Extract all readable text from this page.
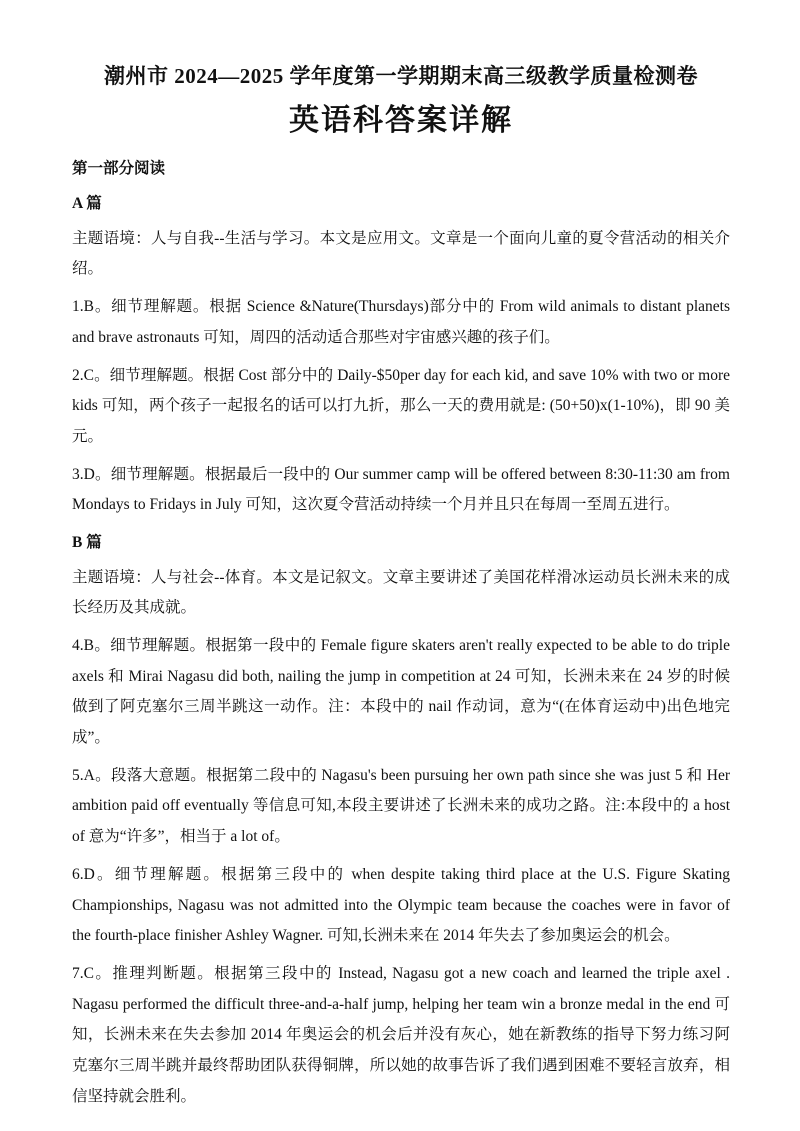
潮州市 2024—2025 学年度第一学期期末高三级教学质量检测卷
英语科答案详解

第一部分阅读

A 篇

主题语境：人与自我--生活与学习。本文是应用文。文章是一个面向儿童的夏令营活动的相关介绍。

1.B。细节理解题。根据 Science &Nature(Thursdays)部分中的 From wild animals to distant planets and brave astronauts 可知，周四的活动适合那些对宇宙感兴趣的孩子们。

2.C。细节理解题。根据 Cost 部分中的 Daily-$50per day for each kid, and save 10% with two or more kids 可知，两个孩子一起报名的话可以打九折，那么一天的费用就是: (50+50)x(1-10%)，即 90 美元。

3.D。细节理解题。根据最后一段中的 Our summer camp will be offered between 8:30-11:30 am from Mondays to Fridays in July 可知，这次夏令营活动持续一个月并且只在每周一至周五进行。

B 篇

主题语境：人与社会--体育。本文是记叙文。文章主要讲述了美国花样滑冰运动员长洲未来的成长经历及其成就。

4.B。细节理解题。根据第一段中的 Female figure skaters aren't really expected to be able to do triple axels 和 Mirai Nagasu did both, nailing the jump in competition at 24 可知，长洲未来在 24 岁的时候做到了阿克塞尔三周半跳这一动作。注：本段中的 nail 作动词，意为“(在体育运动中)出色地完成”。

5.A。段落大意题。根据第二段中的 Nagasu's been pursuing her own path since she was just 5 和 Her ambition paid off eventually 等信息可知,本段主要讲述了长洲未来的成功之路。注:本段中的 a host of 意为“许多”，相当于 a lot of。

6.D。细节理解题。根据第三段中的 when despite taking third place at the U.S. Figure Skating Championships, Nagasu was not admitted into the Olympic team because the coaches were in favor of the fourth-place finisher Ashley Wagner. 可知,长洲未来在 2014 年失去了参加奥运会的机会。

7.C。推理判断题。根据第三段中的 Instead, Nagasu got a new coach and learned the triple axel . Nagasu performed the difficult three-and-a-half jump, helping her team win a bronze medal in the end 可知，长洲未来在失去参加 2014 年奥运会的机会后并没有灰心，她在新教练的指导下努力练习阿克塞尔三周半跳并最终帮助团队获得铜牌，所以她的故事告诉了我们遇到困难不要轻言放弃，相信坚持就会胜利。
